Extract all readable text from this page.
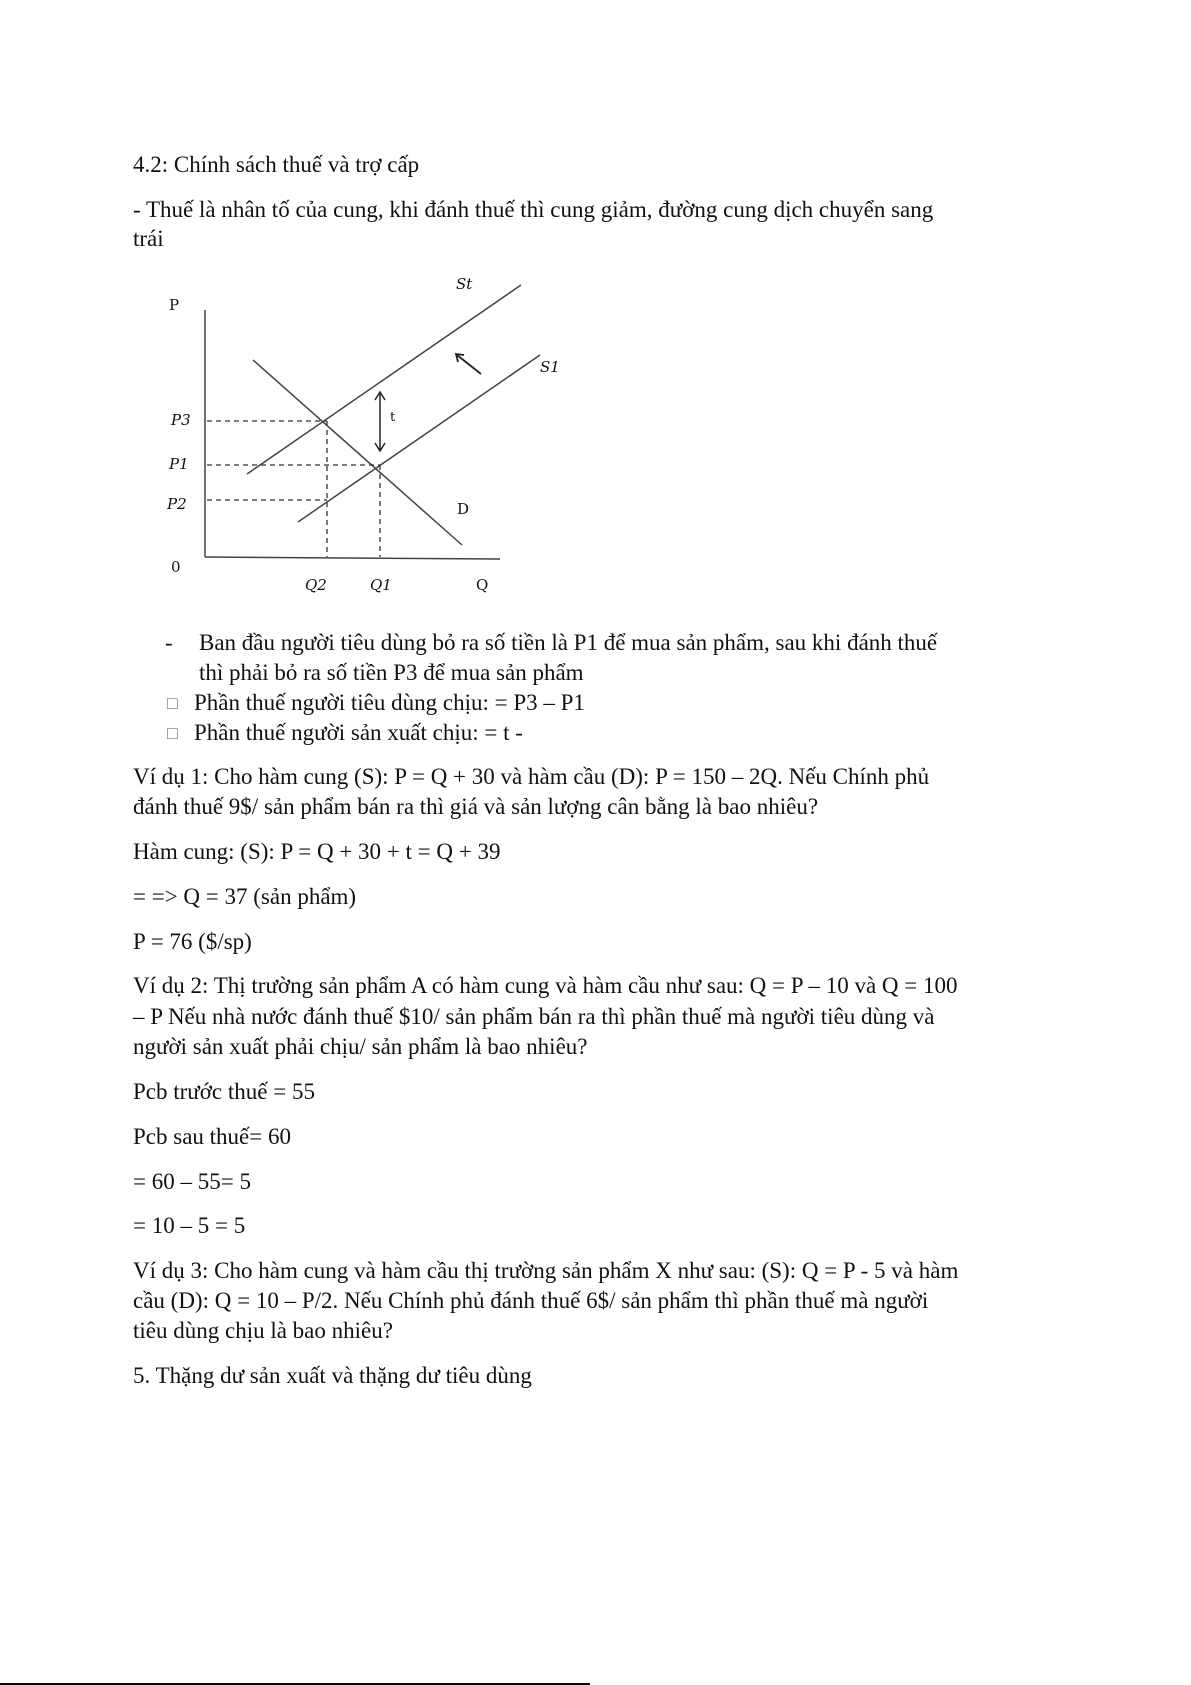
4.2: Chính sách thuế và trợ cấp
- Thuế là nhân tố của cung, khi đánh thuế thì cung giảm, đường cung dịch chuyển sang
trái
P
P3
P1
P2
0
Q2	Q1	Q
St
S1
D
t
- Ban đầu người tiêu dùng bỏ ra số tiền là P1 để mua sản phẩm, sau khi đánh thuế
thì phải bỏ ra số tiền P3 để mua sản phẩm
□ Phần thuế người tiêu dùng chịu: = P3 – P1
□ Phần thuế người sản xuất chịu: = t -
Ví dụ 1: Cho hàm cung (S): P = Q + 30 và hàm cầu (D): P = 150 – 2Q. Nếu Chính phủ
đánh thuế 9$/ sản phẩm bán ra thì giá và sản lượng cân bằng là bao nhiêu?
Hàm cung: (S): P = Q + 30 + t = Q + 39
= => Q = 37 (sản phẩm)
P = 76 ($/sp)
Ví dụ 2: Thị trường sản phẩm A có hàm cung và hàm cầu như sau: Q = P – 10 và Q = 100
– P Nếu nhà nước đánh thuế $10/ sản phẩm bán ra thì phần thuế mà người tiêu dùng và
người sản xuất phải chịu/ sản phẩm là bao nhiêu?
Pcb trước thuế = 55
Pcb sau thuế= 60
= 60 – 55= 5
= 10 – 5 = 5
Ví dụ 3: Cho hàm cung và hàm cầu thị trường sản phẩm X như sau: (S): Q = P - 5 và hàm
cầu (D): Q = 10 – P/2. Nếu Chính phủ đánh thuế 6$/ sản phẩm thì phần thuế mà người
tiêu dùng chịu là bao nhiêu?
5. Thặng dư sản xuất và thặng dư tiêu dùng
